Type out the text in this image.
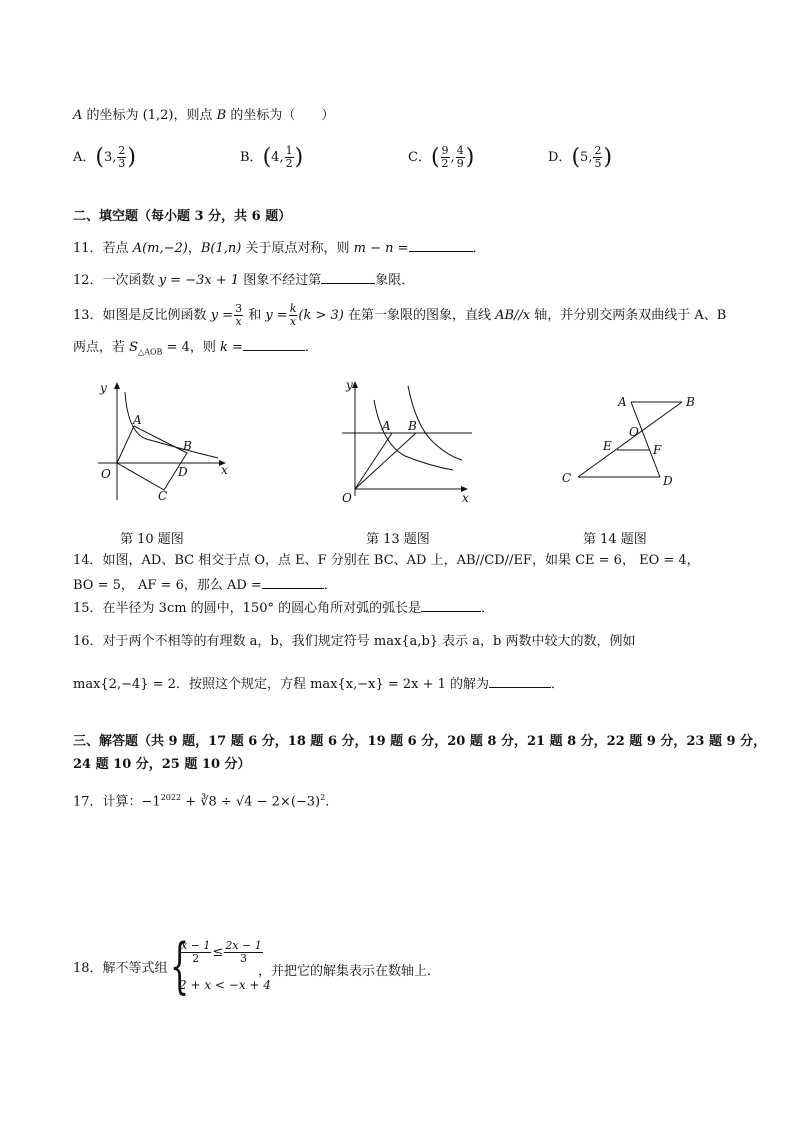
A 的坐标为 (1,2)，则点 B 的坐标为（　　）
A．(3, $\frac{2}{3}$ )	B．(4, $\frac{1}{2}$ )	C．( $\frac{9}{2}$ , $\frac{4}{9}$ )	D．(5, $\frac{2}{5}$ )
二、填空题（每小题 3 分，共 6 题）
11．若点 A(m,−2)，B(1,n) 关于原点对称，则 m − n =	．
12．一次函数 y = −3x + 1 图象不经过第	象限．
13．如图是反比例函数 $y = \frac{3}{x}$ 和 $y = \frac{k}{x} (k > 3)$ 在第一象限的图象，直线 AB//x 轴，并分别交两条双曲线于 A、B
两点，若 $S_{\triangle AOB} = 4$，则 k =	．
y
x
O
A
B
D
C
y
x
O
A B
A	B
O
E	F
C	D
第 10 题图	第 13 题图	第 14 题图
14．如图，AD、BC 相交于点 O，点 E、F 分别在 BC、AD 上，AB//CD//EF，如果 CE = 6， EO = 4，
BO = 5， AF = 6，那么 AD =	．
15．在半径为 3cm 的圆中，150° 的圆心角所对弧的弧长是	．
16．对于两个不相等的有理数 a，b，我们规定符号 max{a,b} 表示 a，b 两数中较大的数，例如
max{2,−4} = 2．按照这个规定，方程 max{x,−x} = 2x + 1 的解为	．
三、解答题（共 9 题，17 题 6 分，18 题 6 分，19 题 6 分，20 题 8 分，21 题 8 分，22 题 9 分，23 题 9 分，
24 题 10 分，25 题 10 分）
17．计算：$-1^{2022}$ + ∛8 ÷ $√4 - 2\times(-3)^2$．
18．解不等式组 {
$\frac{x - 1}{2} \le \frac{2x - 1}{3}$
2 + x < −x + 4
，并把它的解集表示在数轴上．
